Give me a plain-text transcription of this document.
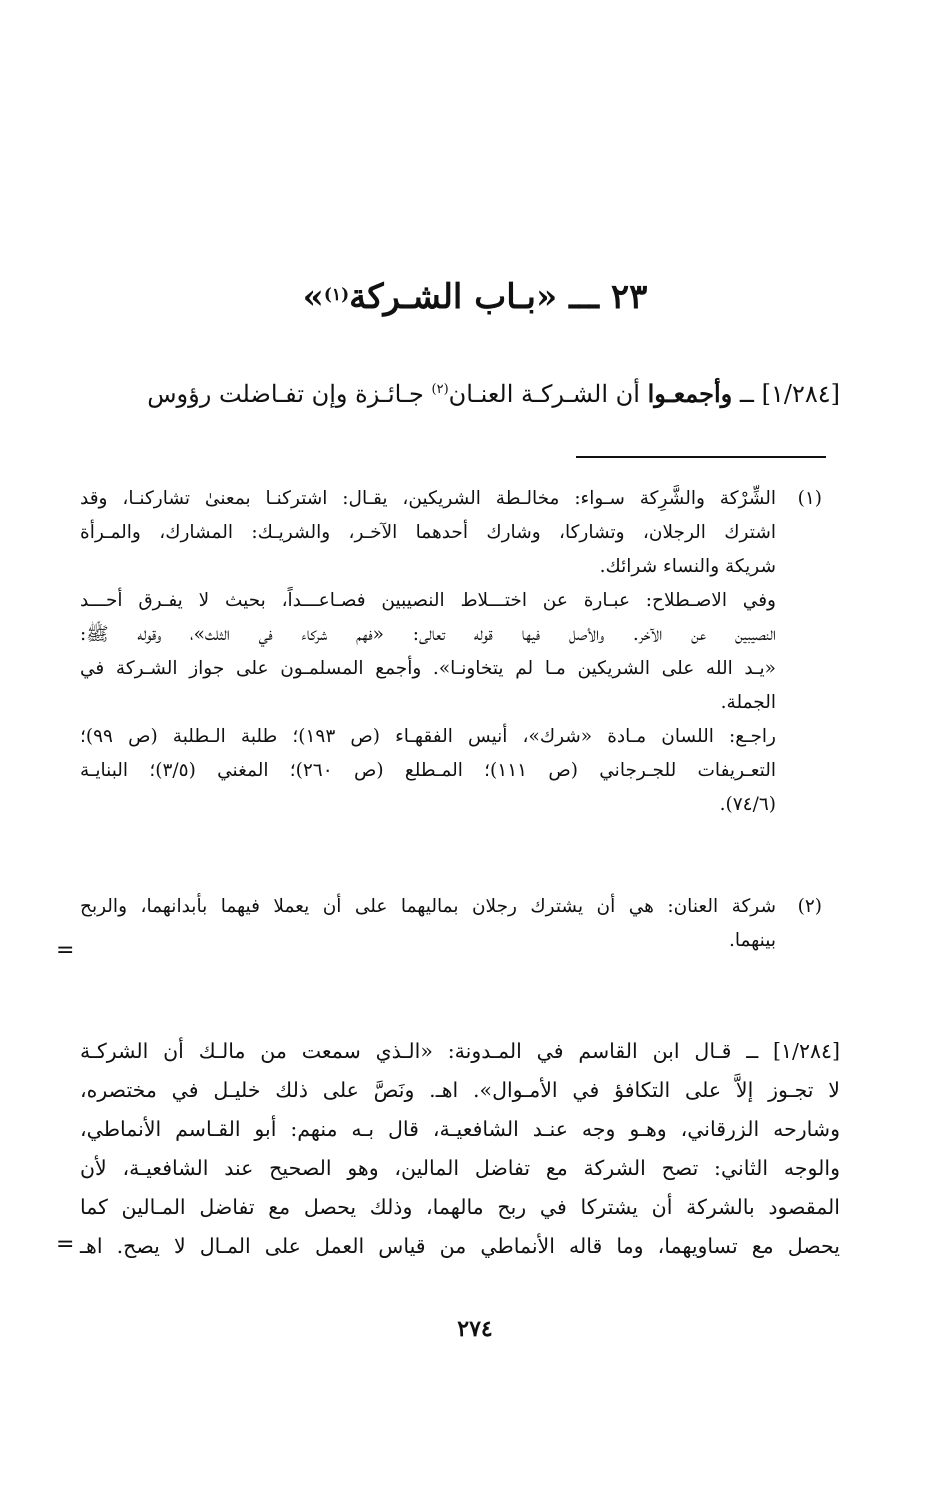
٢٣ ـــ «بـاب الشـركة$^{(١)}$»
[١/٢٨٤] ــ وأجمعـوا أن الشـركـة العنـان$^{(٢)}$ جـائـزة وإن تفـاضلت رؤوس
(١)
الشِّرْكة والشَّرِكة سـواء: مخالـطة الشريكين، يقـال: اشتركنـا بمعنىٰ تشاركنـا، وقد
اشترك الرجلان، وتشاركا، وشارك أحدهما الآخـر، والشريـك: المشارك، والمـرأة
شريكة والنساء شرائك.
وفي الاصـطلاح: عبـارة عن اختـــلاط النصيبين فصـاعـــداً، بحيث لا يفـرق أحـــد
النصيبين عن الآخر. والأصل فيها قوله تعالى: «فهم شركاء في الثلث»، وقوله ﷺ:
«يـد الله على الشريكين مـا لم يتخاونـا». وأجمع المسلمـون على جواز الشـركة في
الجملة.
راجـع: اللسان مـادة «شرك»، أنيس الفقهـاء (ص ١٩٣)؛ طلبة الـطلبة (ص ٩٩)؛
التعـريفات للجـرجاني (ص ١١١)؛ المـطلع (ص ٢٦٠)؛ المغني (٣/٥)؛ البنايـة
(٧٤/٦).
(٢)
شركة العنان: هي أن يشترك رجلان بماليهما على أن يعملا فيهما بأبدانهما، والربح
بينهما.
=
[١/٢٨٤] ــ قـال ابن القاسم في المـدونة: «الـذي سمعت من مالـك أن الشركـة
لا تجـوز إلاَّ على التكافؤ في الأمـوال». اهـ. ونَصَّ على ذلك خليـل في مختصره،
وشارحه الزرقاني، وهـو وجه عنـد الشافعيـة، قال بـه منهم: أبو القـاسم الأنماطي،
والوجه الثاني: تصح الشركة مع تفاضل المالين، وهو الصحيح عند الشافعيـة، لأن
المقصود بالشركة أن يشتركا في ربح مالهما، وذلك يحصل مع تفاضل المـالين كما
يحصل مع تساويهما، وما قاله الأنماطي من قياس العمل على المـال لا يصح. اهـ
=
٢٧٤
